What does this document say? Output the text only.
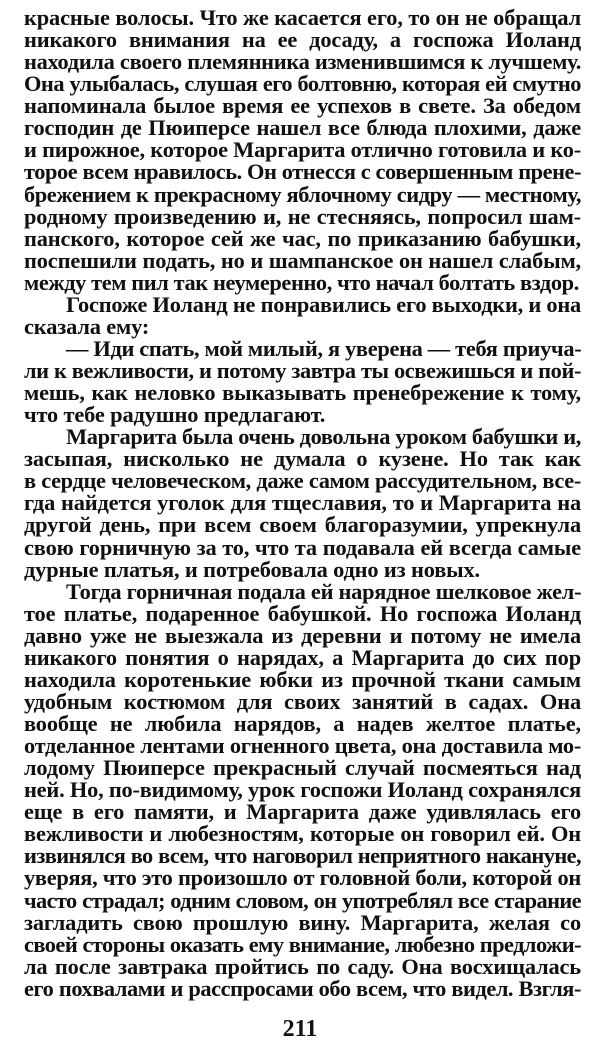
красные волосы. Что же касается его, то он не обращал
никакого внимания на ее досаду, а госпожа Иоланд
находила своего племянника изменившимся к лучшему.
Она улыбалась, слушая его болтовню, которая ей смутно
напоминала былое время ее успехов в свете. За обедом
господин де Пюиперсе нашел все блюда плохими, даже
и пирожное, которое Маргарита отлично готовила и ко-
торое всем нравилось. Он отнесся с совершенным прене-
брежением к прекрасному яблочному сидру — местному,
родному произведению и, не стесняясь, попросил шам-
панского, которое сей же час, по приказанию бабушки,
поспешили подать, но и шампанское он нашел слабым,
между тем пил так неумеренно, что начал болтать вздор.
Госпоже Иоланд не понравились его выходки, и она
сказала ему:
— Иди спать, мой милый, я уверена — тебя приуча-
ли к вежливости, и потому завтра ты освежишься и пой-
мешь, как неловко выказывать пренебрежение к тому,
что тебе радушно предлагают.
Маргарита была очень довольна уроком бабушки и,
засыпая, нисколько не думала о кузене. Но так как
в сердце человеческом, даже самом рассудительном, все-
гда найдется уголок для тщеславия, то и Маргарита на
другой день, при всем своем благоразумии, упрекнула
свою горничную за то, что та подавала ей всегда самые
дурные платья, и потребовала одно из новых.
Тогда горничная подала ей нарядное шелковое жел-
тое платье, подаренное бабушкой. Но госпожа Иоланд
давно уже не выезжала из деревни и потому не имела
никакого понятия о нарядах, а Маргарита до сих пор
находила коротенькие юбки из прочной ткани самым
удобным костюмом для своих занятий в садах. Она
вообще не любила нарядов, а надев желтое платье,
отделанное лентами огненного цвета, она доставила мо-
лодому Пюиперсе прекрасный случай посмеяться над
ней. Но, по-видимому, урок госпожи Иоланд сохранялся
еще в его памяти, и Маргарита даже удивлялась его
вежливости и любезностям, которые он говорил ей. Он
извинялся во всем, что наговорил неприятного накануне,
уверяя, что это произошло от головной боли, которой он
часто страдал; одним словом, он употреблял все старание
загладить свою прошлую вину. Маргарита, желая со
своей стороны оказать ему внимание, любезно предложи-
ла после завтрака пройтись по саду. Она восхищалась
его похвалами и расспросами обо всем, что видел. Взгля-
211
